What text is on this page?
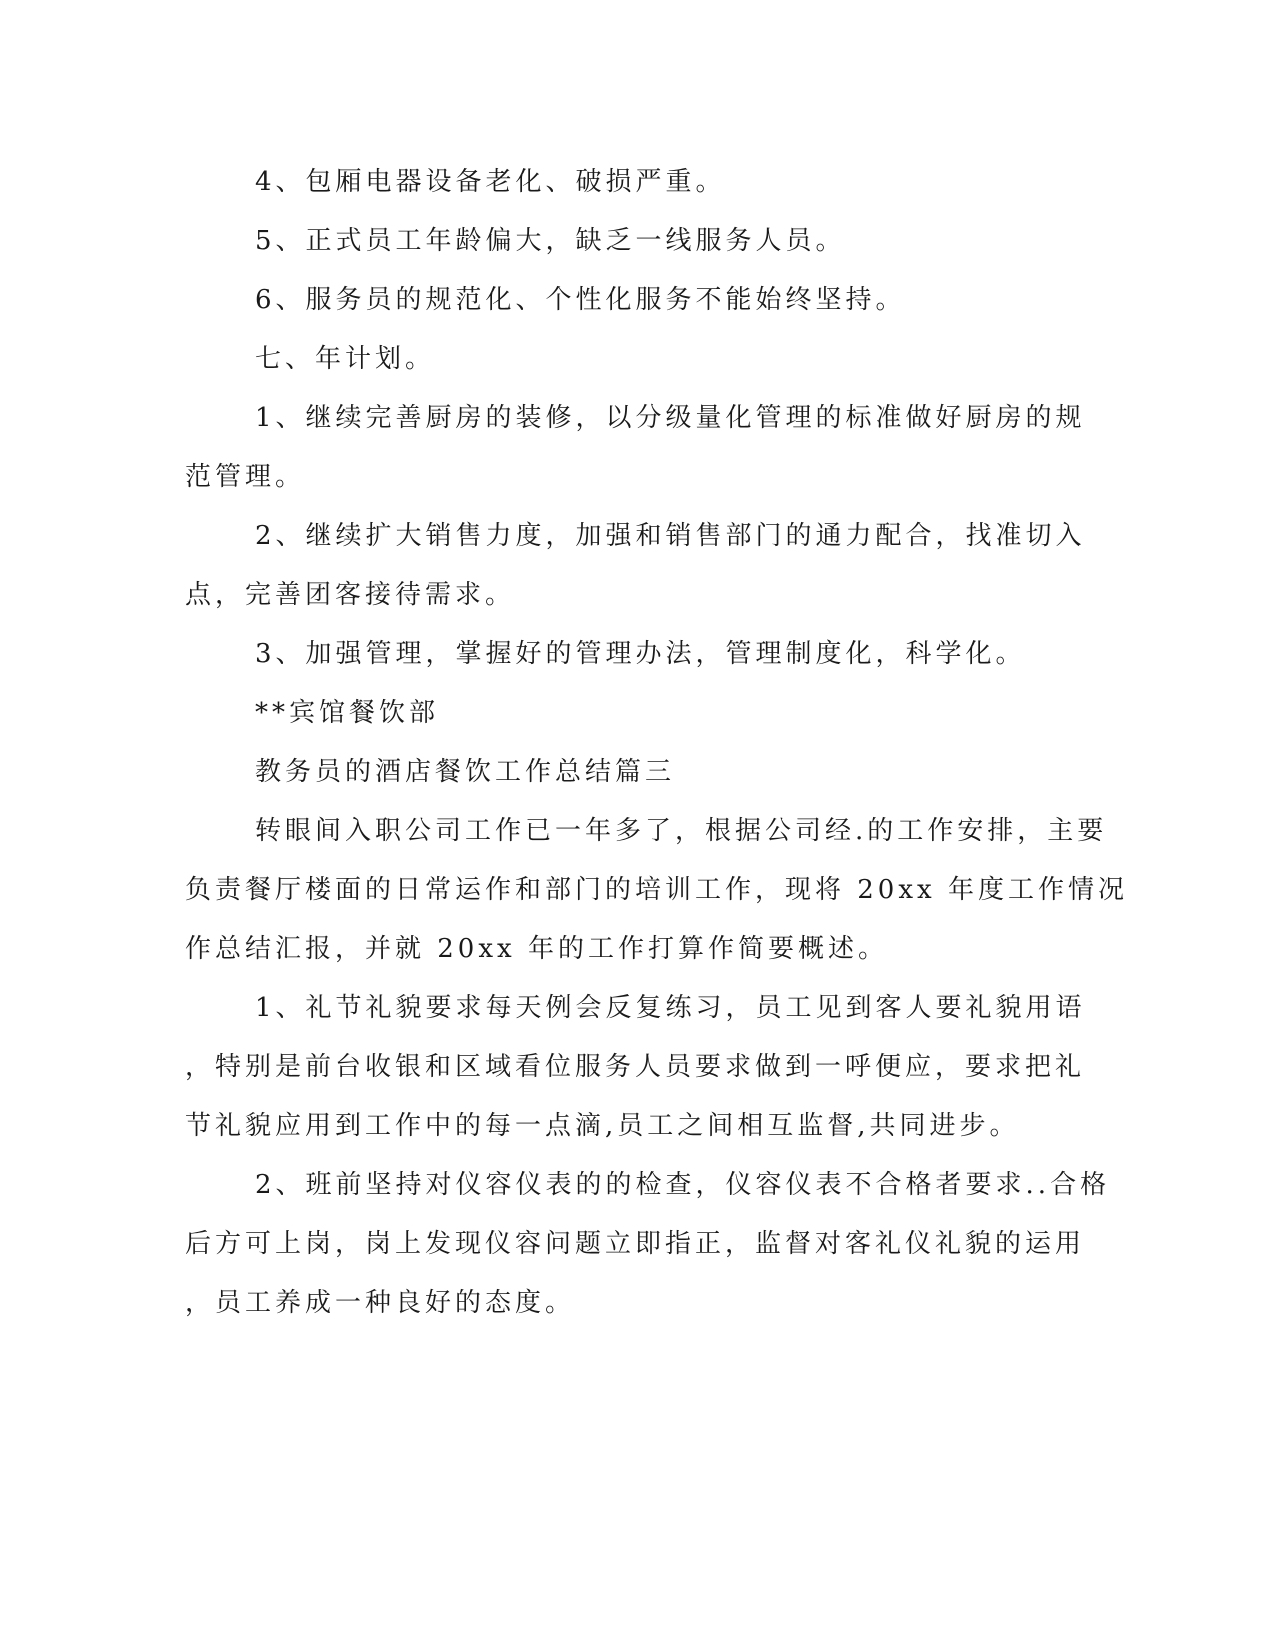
4、包厢电器设备老化、破损严重。
5、正式员工年龄偏大，缺乏一线服务人员。
6、服务员的规范化、个性化服务不能始终坚持。
七、年计划。
1、继续完善厨房的装修，以分级量化管理的标准做好厨房的规
范管理。
2、继续扩大销售力度，加强和销售部门的通力配合，找准切入
点，完善团客接待需求。
3、加强管理，掌握好的管理办法，管理制度化，科学化。
**宾馆餐饮部
教务员的酒店餐饮工作总结篇三
转眼间入职公司工作已一年多了，根据公司经.的工作安排，主要
负责餐厅楼面的日常运作和部门的培训工作，现将 20xx 年度工作情况
作总结汇报，并就 20xx 年的工作打算作简要概述。
1、礼节礼貌要求每天例会反复练习，员工见到客人要礼貌用语
，特别是前台收银和区域看位服务人员要求做到一呼便应，要求把礼
节礼貌应用到工作中的每一点滴,员工之间相互监督,共同进步。
2、班前坚持对仪容仪表的的检查，仪容仪表不合格者要求..合格
后方可上岗，岗上发现仪容问题立即指正，监督对客礼仪礼貌的运用
，员工养成一种良好的态度。
